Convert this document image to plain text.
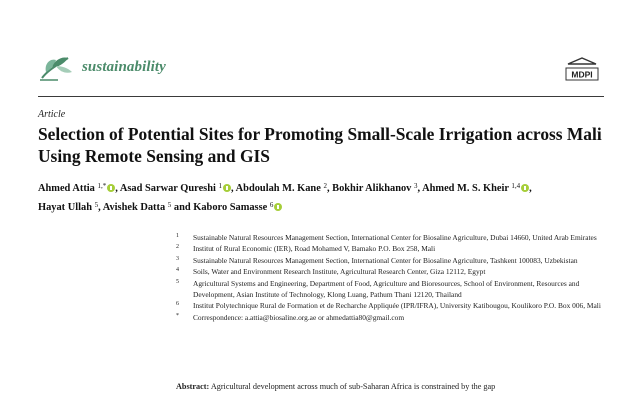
sustainability	MDPI
Article
Selection of Potential Sites for Promoting Small-Scale Irrigation across Mali Using Remote Sensing and GIS
Ahmed Attia $^{1,*}$ , Asad Sarwar Qureshi $^1$ , Abdoulah M. Kane $^2$, Bokhir Alikhanov $^3$, Ahmed M. S. Kheir $^{1,4}$ ,
Hayat Ullah $^5$, Avishek Datta $^5$ and Kaboro Samasse $^6$
1 Sustainable Natural Resources Management Section, International Center for Biosaline Agriculture, Dubai 14660, United Arab Emirates
2 Institut of Rural Economic (IER), Road Mohamed V, Bamako P.O. Box 258, Mali
3 Sustainable Natural Resources Management Section, International Center for Biosaline Agriculture, Tashkent 100083, Uzbekistan
4 Soils, Water and Environment Research Institute, Agricultural Research Center, Giza 12112, Egypt
5 Agricultural Systems and Engineering, Department of Food, Agriculture and Bioresources, School of Environment, Resources and Development, Asian Institute of Technology, Klong Luang, Pathum Thani 12120, Thailand
6 Institut Polytechnique Rural de Formation et de Recharche Appliquée (IPR/IFRA), University Katibougou, Koulikoro P.O. Box 006, Mali
* Correspondence: a.attia@biosaline.org.ae or ahmedattia80@gmail.com
Abstract: Agricultural development across much of sub-Saharan Africa is constrained by the gap
